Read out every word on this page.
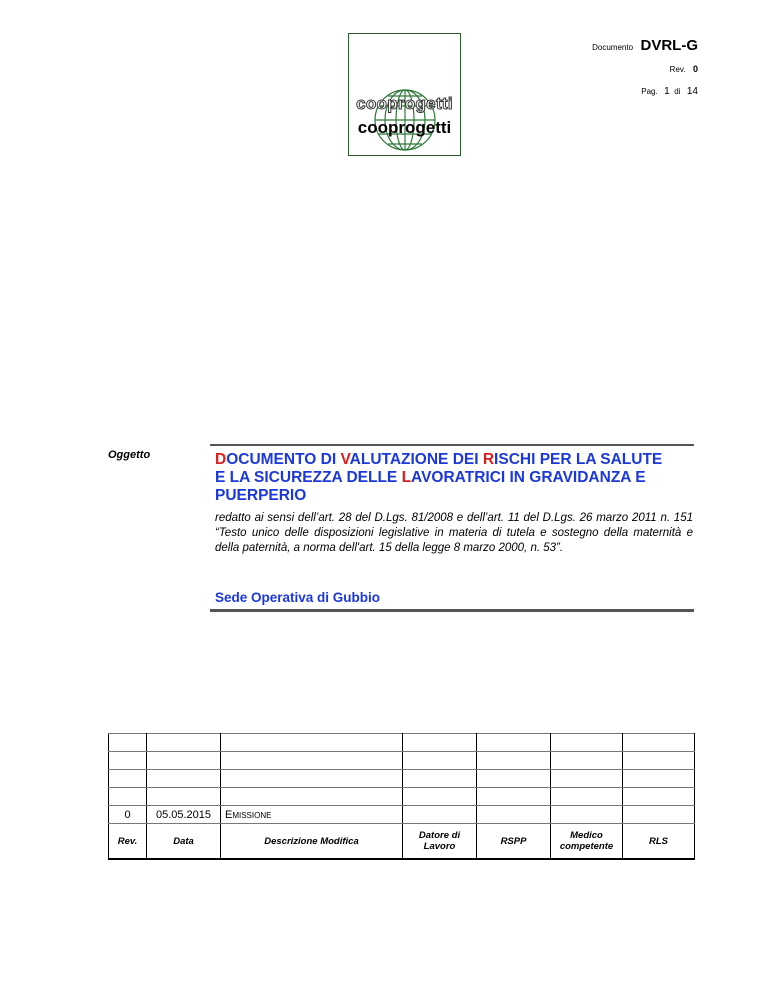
Documento DVRL-G
Rev. 0
Pag. 1 di 14
cooprogetti
cooprogetti
Oggetto	DOCUMENTO DI VALUTAZIONE DEI RISCHI PER LA SALUTE E LA SICUREZZA DELLE LAVORATRICI IN GRAVIDANZA E PUERPERIO
redatto ai sensi dell’art. 28 del D.Lgs. 81/2008 e dell’art. 11 del D.Lgs. 26 marzo 2011 n. 151 “Testo unico delle disposizioni legislative in materia di tutela e sostegno della maternità e della paternità, a norma dell'art. 15 della legge 8 marzo 2000, n. 53”.
Sede Operativa di Gubbio

0	05.05.2015	Emissione				
Rev.	Data	Descrizione Modifica	Datore di Lavoro	RSPP	Medico competente	RLS
